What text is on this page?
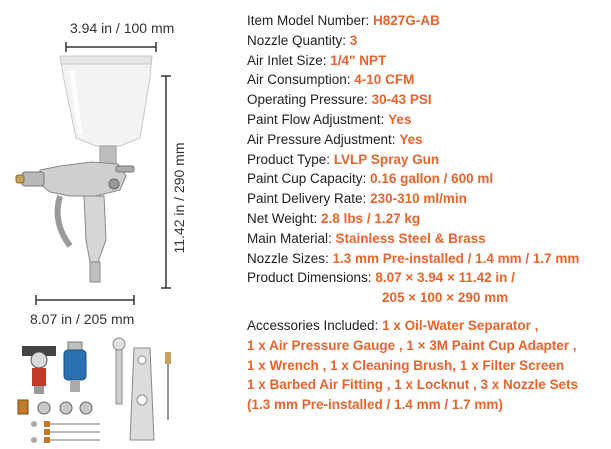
3.94 in / 100 mm
11.42 in / 290 mm
8.07 in / 205 mm
Item Model Number: H827G-AB
Nozzle Quantity: 3
Air Inlet Size: 1/4" NPT
Air Consumption: 4-10 CFM
Operating Pressure: 30-43 PSI
Paint Flow Adjustment: Yes
Air Pressure Adjustment: Yes
Product Type: LVLP Spray Gun
Paint Cup Capacity: 0.16 gallon / 600 ml
Paint Delivery Rate: 230-310 ml/min
Net Weight: 2.8 lbs / 1.27 kg
Main Material: Stainless Steel & Brass
Nozzle Sizes: 1.3 mm Pre-installed / 1.4 mm / 1.7 mm
Product Dimensions: 8.07 × 3.94 × 11.42 in /
205 × 100 × 290 mm
Accessories Included: 1 x Oil-Water Separator ,
1 x Air Pressure Gauge , 1 × 3M Paint Cup Adapter ,
1 x Wrench , 1 x Cleaning Brush, 1 x Filter Screen
1 x Barbed Air Fitting , 1 x Locknut , 3 x Nozzle Sets
(1.3 mm Pre-installed / 1.4 mm / 1.7 mm)
